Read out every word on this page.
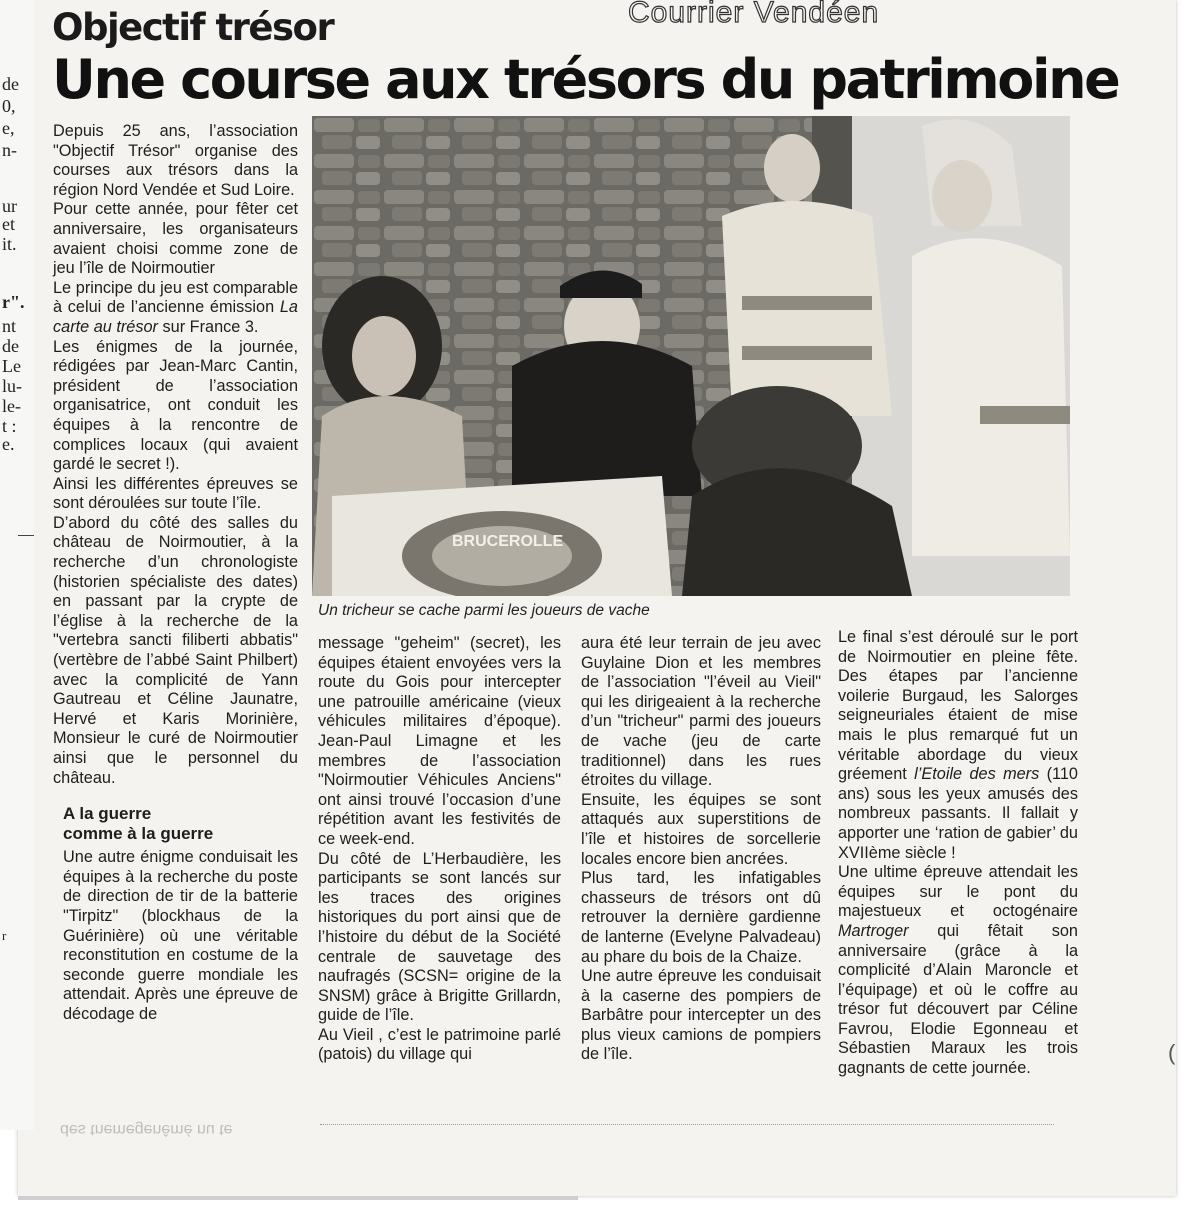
de
0,
e,
n-
ur
et
it.
r".
nt
de
Le
lu-
le-
t :
e.
r
Courrier Vendéen
Objectif trésor
Une course aux trésors du patrimoine

Depuis 25 ans, l’association "Objectif Trésor" organise des courses aux trésors dans la région Nord Vendée et Sud Loire.

Pour cette année, pour fêter cet anniversaire, les organisateurs avaient choisi comme zone de jeu l’île de Noirmoutier

Le principe du jeu est comparable à celui de l’ancienne émission La carte au trésor sur France 3.

Les énigmes de la journée, rédigées par Jean-Marc Cantin, président de l’association organisatrice, ont conduit les équipes à la rencontre de complices locaux (qui avaient gardé le secret !).

Ainsi les différentes épreuves se sont déroulées sur toute l’île.

D’abord du côté des salles du château de Noirmoutier, à la recherche d’un chronologiste (historien spécialiste des dates) en passant par la crypte de l’église à la recherche de la "vertebra sancti filiberti abbatis" (vertèbre de l’abbé Saint Philbert) avec la complicité de Yann Gautreau et Céline Jaunatre, Hervé et Karis Morinière, Monsieur le curé de Noirmoutier ainsi que le personnel du château.

A la guerre
comme à la guerre

Une autre énigme conduisait les équipes à la recherche du poste de direction de tir de la batterie "Tirpitz" (blockhaus de la Guérinière) où une véritable reconstitution en costume de la seconde guerre mondiale les attendait. Après une épreuve de décodage de

BRUCEROLLE
Un tricheur se cache parmi les joueurs de vache

message "geheim" (secret), les équipes étaient envoyées vers la route du Gois pour intercepter une patrouille américaine (vieux véhicules militaires d’époque). Jean-Paul Limagne et les membres de l’association "Noirmoutier Véhicules Anciens" ont ainsi trouvé l’occasion d’une répétition avant les festivités de ce week-end.

Du côté de L’Herbaudière, les participants se sont lancés sur les traces des origines historiques du port ainsi que de l’histoire du début de la Société centrale de sauvetage des naufragés (SCSN= origine de la SNSM) grâce à Brigitte Grillardn, guide de l’île.

Au Vieil , c’est le patrimoine parlé (patois) du village qui

aura été leur terrain de jeu avec Guylaine Dion et les membres de l’association "l’éveil au Vieil" qui les dirigeaient à la recherche d’un "tricheur" parmi des joueurs de vache (jeu de carte traditionnel) dans les rues étroites du village.

Ensuite, les équipes se sont attaqués aux superstitions de l’île et histoires de sorcellerie locales encore bien ancrées.

Plus tard, les infatigables chasseurs de trésors ont dû retrouver la dernière gardienne de lanterne (Evelyne Palvadeau) au phare du bois de la Chaize.

Une autre épreuve les conduisait à la caserne des pompiers de Barbâtre pour intercepter un des plus vieux camions de pompiers de l’île.

Le final s’est déroulé sur le port de Noirmoutier en pleine fête. Des étapes par l’ancienne voilerie Burgaud, les Salorges seigneuriales étaient de mise mais le plus remarqué fut un véritable abordage du vieux gréement l’Etoile des mers (110 ans) sous les yeux amusés des nombreux passants. Il fallait y apporter une ‘ration de gabier’ du XVIIème siècle !

Une ultime épreuve attendait les équipes sur le pont du majestueux et octogénaire Martroger qui fêtait son anniversaire (grâce à la complicité d’Alain Maroncle et l’équipage) et où le coffre au trésor fut découvert par Céline Favrou, Elodie Egonneau et Sébastien Maraux les trois gagnants de cette journée.

des tnemegenêmé nu te
(
